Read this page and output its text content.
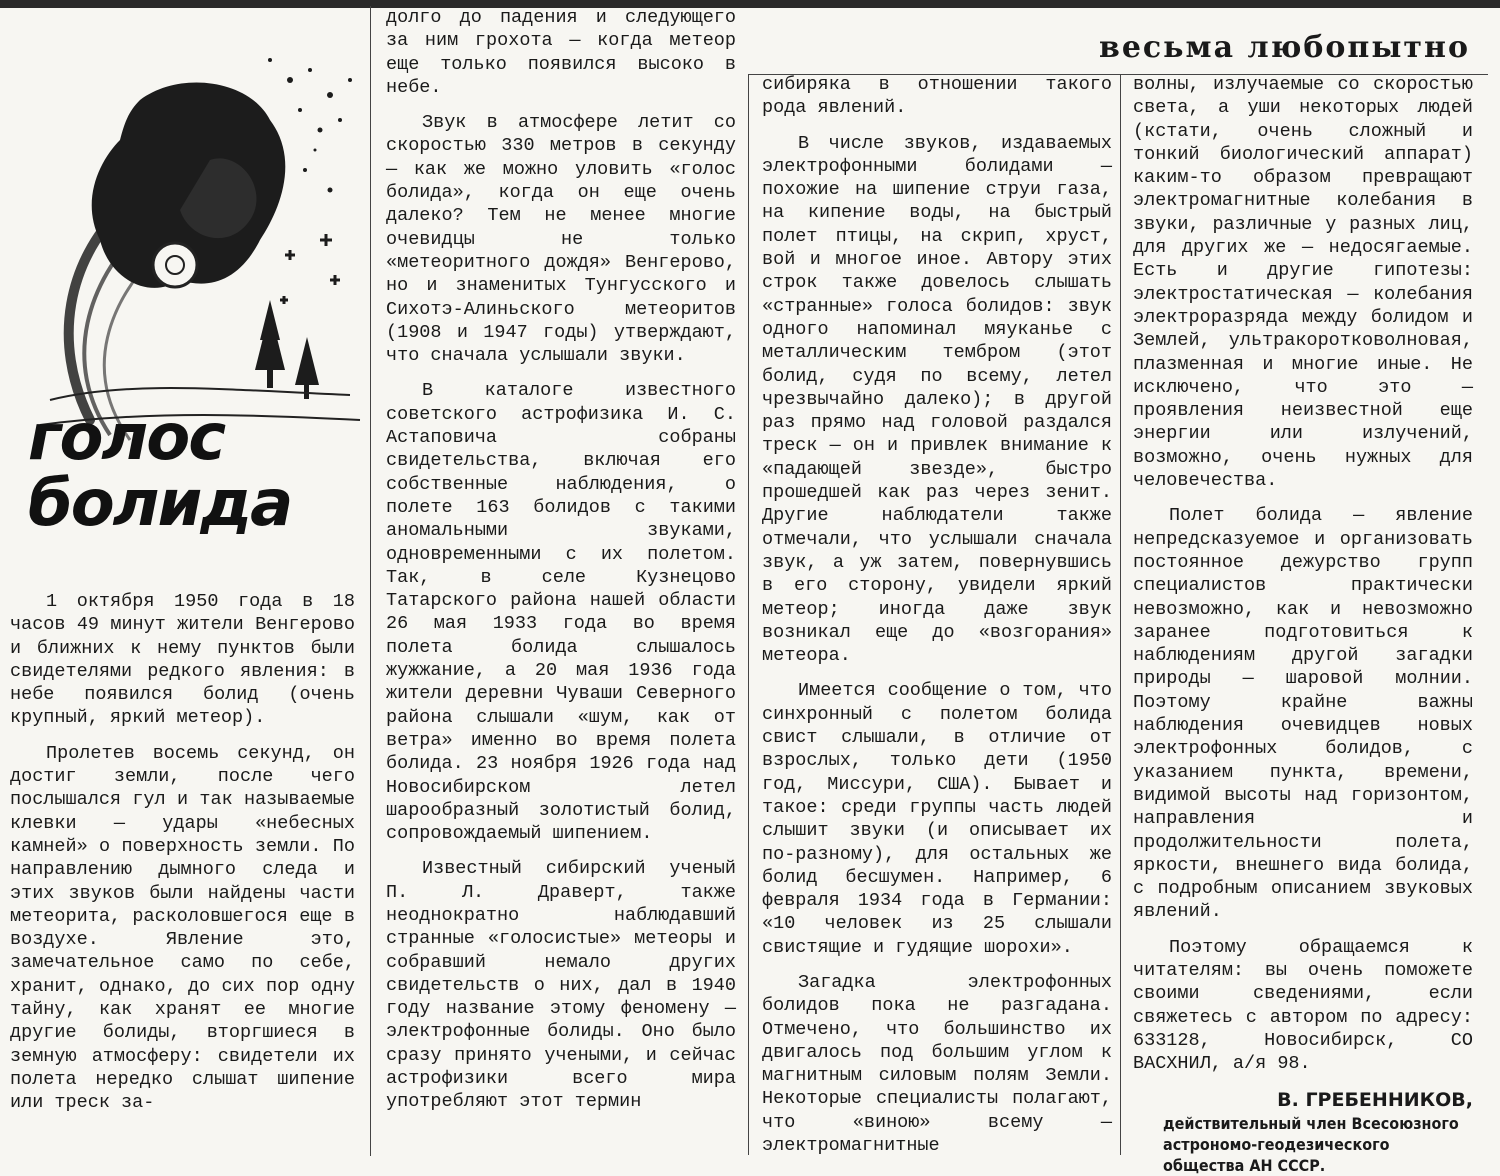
весьма любопытно
голос
болида

1 октября 1950 года в 18 часов 49 минут жители Венгерово и ближних к нему пунктов были свидетелями редкого явления: в небе появился болид (очень крупный, яркий метеор).

Пролетев восемь секунд, он достиг земли, после чего послышался гул и так называемые клевки — удары «небесных камней» о поверхность земли. По направлению дымного следа и этих звуков были найдены части метеорита, расколовшегося еще в воздухе. Явление это, замечательное само по себе, хранит, однако, до сих пор одну тайну, как хранят ее многие другие болиды, вторгшиеся в земную атмосферу: свидетели их полета нередко слышат шипение или треск за-

долго до падения и следующего за ним грохота — когда метеор еще только появился высоко в небе.

Звук в атмосфере летит со скоростью 330 метров в секунду — как же можно уловить «голос болида», когда он еще очень далеко? Тем не менее многие очевидцы не только «метеоритного дождя» Венгерово, но и знаменитых Тунгусского и Сихотэ-Алиньского метеоритов (1908 и 1947 годы) утверждают, что сначала услышали звуки.

В каталоге известного советского астрофизика И. С. Астаповича собраны свидетельства, включая его собственные наблюдения, о полете 163 болидов с такими аномальными звуками, одновременными с их полетом. Так, в селе Кузнецово Татарского района нашей области 26 мая 1933 года во время полета болида слышалось жужжание, а 20 мая 1936 года жители деревни Чуваши Северного района слышали «шум, как от ветра» именно во время полета болида. 23 ноября 1926 года над Новосибирском летел шарообразный золотистый болид, сопровождаемый шипением.

Известный сибирский ученый П. Л. Драверт, также неоднократно наблюдавший странные «голосистые» метеоры и собравший немало других свидетельств о них, дал в 1940 году название этому феномену — электрофонные болиды. Оно было сразу принято учеными, и сейчас астрофизики всего мира употребляют этот термин

сибиряка в отношении такого рода явлений.

В числе звуков, издаваемых электрофонными болидами — похожие на шипение струи газа, на кипение воды, на быстрый полет птицы, на скрип, хруст, вой и многое иное. Автору этих строк также довелось слышать «странные» голоса болидов: звук одного напоминал мяуканье с металлическим тембром (этот болид, судя по всему, летел чрезвычайно далеко); в другой раз прямо над головой раздался треск — он и привлек внимание к «падающей звезде», быстро прошедшей как раз через зенит. Другие наблюдатели также отмечали, что услышали сначала звук, а уж затем, повернувшись в его сторону, увидели яркий метеор; иногда даже звук возникал еще до «возгорания» метеора.

Имеется сообщение о том, что синхронный с полетом болида свист слышали, в отличие от взрослых, только дети (1950 год, Миссури, США). Бывает и такое: среди группы часть людей слышит звуки (и описывает их по-разному), для остальных же болид бесшумен. Например, 6 февраля 1934 года в Германии: «10 человек из 25 слышали свистящие и гудящие шорохи».

Загадка электрофонных болидов пока не разгадана. Отмечено, что большинство их двигалось под большим углом к магнитным силовым полям Земли. Некоторые специалисты полагают, что «виною» всему — электромагнитные

волны, излучаемые со скоростью света, а уши некоторых людей (кстати, очень сложный и тонкий биологический аппарат) каким-то образом превращают электромагнитные колебания в звуки, различные у разных лиц, для других же — недосягаемые. Есть и другие гипотезы: электростатическая — колебания электроразряда между болидом и Землей, ультракоротковолновая, плазменная и многие иные. Не исключено, что это — проявления неизвестной еще энергии или излучений, возможно, очень нужных для человечества.

Полет болида — явление непредсказуемое и организовать постоянное дежурство групп специалистов практически невозможно, как и невозможно заранее подготовиться к наблюдениям другой загадки природы — шаровой молнии. Поэтому крайне важны наблюдения очевидцев новых электрофонных болидов, с указанием пункта, времени, видимой высоты над горизонтом, направления и продолжительности полета, яркости, внешнего вида болида, с подробным описанием звуковых явлений.

Поэтому обращаемся к читателям: вы очень поможете своими сведениями, если свяжетесь с автором по адресу: 633128, Новосибирск, СО ВАСХНИЛ, а/я 98.

В. ГРЕБЕННИКОВ,
действительный член Всесоюзного астрономо-геодезического общества АН СССР.
